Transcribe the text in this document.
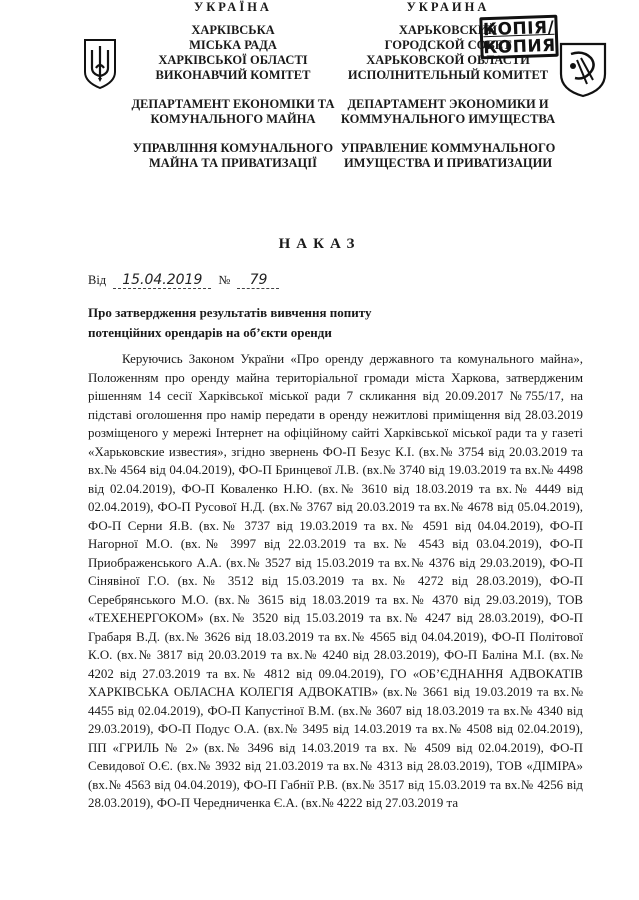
УКРАЇНА
ХАРКІВСЬКА
МІСЬКА РАДА
ХАРКІВСЬКОЇ ОБЛАСТІ
ВИКОНАВЧИЙ КОМІТЕТ
ДЕПАРТАМЕНТ ЕКОНОМІКИ ТА
КОМУНАЛЬНОГО МАЙНА
УПРАВЛІННЯ КОМУНАЛЬНОГО
МАЙНА ТА ПРИВАТИЗАЦІЇ
УКРАИНА
ХАРЬКОВСКИЙ
ГОРОДСКОЙ СОВЕТ
ХАРЬКОВСКОЙ ОБЛАСТИ
ИСПОЛНИТЕЛЬНЫЙ КОМИТЕТ
ДЕПАРТАМЕНТ ЭКОНОМИКИ И
КОММУНАЛЬНОГО ИМУЩЕСТВА
УПРАВЛЕНИЕ КОММУНАЛЬНОГО
ИМУЩЕСТВА И ПРИВАТИЗАЦИИ
КОПІЯ/
КОПИЯ
НАКАЗ
Від 15.04.2019 № 79
Про затвердження результатів вивчення попиту
потенційних орендарів на об’єкти оренди

Керуючись Законом України «Про оренду державного та комунального майна», Положенням про оренду майна територіальної громади міста Харкова, затвердженим рішенням 14 сесії Харківської міської ради 7 скликання від 20.09.2017 №755/17, на підставі оголошення про намір передати в оренду нежитлові приміщення від 28.03.2019 розміщеного у мережі Інтернет на офіційному сайті Харківської міської ради та у газеті «Харьковские известия», згідно звернень ФО-П Безус К.І. (вх.№ 3754 від 20.03.2019 та вх.№ 4564 від 04.04.2019), ФО-П Бринцевої Л.В. (вх.№ 3740 від 19.03.2019 та вх.№ 4498 від 02.04.2019), ФО-П Коваленко Н.Ю. (вх.№ 3610 від 18.03.2019 та вх.№ 4449 від 02.04.2019), ФО-П Русової Н.Д. (вх.№ 3767 від 20.03.2019 та вх.№ 4678 від 05.04.2019), ФО-П Серни Я.В. (вх.№ 3737 від 19.03.2019 та вх.№ 4591 від 04.04.2019), ФО-П Нагорної М.О. (вх.№ 3997 від 22.03.2019 та вх.№ 4543 від 03.04.2019), ФО-П Приображенського А.А. (вх.№ 3527 від 15.03.2019 та вх.№ 4376 від 29.03.2019), ФО-П Сінявіної Г.О. (вх.№ 3512 від 15.03.2019 та вх.№ 4272 від 28.03.2019), ФО-П Серебрянського М.О. (вх.№ 3615 від 18.03.2019 та вх.№ 4370 від 29.03.2019), ТОВ «ТЕХЕНЕРГОКОМ» (вх.№ 3520 від 15.03.2019 та вх.№ 4247 від 28.03.2019), ФО-П Грабаря В.Д. (вх.№ 3626 від 18.03.2019 та вх.№ 4565 від 04.04.2019), ФО-П Політової К.О. (вх.№ 3817 від 20.03.2019 та вх.№ 4240 від 28.03.2019), ФО-П Баліна М.І. (вх.№ 4202 від 27.03.2019 та вх.№ 4812 від 09.04.2019), ГО «ОБ’ЄДНАННЯ АДВОКАТІВ ХАРКІВСЬКА ОБЛАСНА КОЛЕГІЯ АДВОКАТІВ» (вх.№ 3661 від 19.03.2019 та вх.№ 4455 від 02.04.2019), ФО-П Капустіної В.М. (вх.№ 3607 від 18.03.2019 та вх.№ 4340 від 29.03.2019), ФО-П Подус О.А. (вх.№ 3495 від 14.03.2019 та вх.№ 4508 від 02.04.2019), ПП «ГРИЛЬ № 2» (вх.№ 3496 від 14.03.2019 та вх. № 4509 від 02.04.2019), ФО-П Севидової О.Є. (вх.№ 3932 від 21.03.2019 та вх.№ 4313 від 28.03.2019), ТОВ «ДІМІРА» (вх.№ 4563 від 04.04.2019), ФО-П Габнії Р.В. (вх.№ 3517 від 15.03.2019 та вх.№ 4256 від 28.03.2019), ФО-П Чередниченка Є.А. (вх.№ 4222 від 27.03.2019 та
